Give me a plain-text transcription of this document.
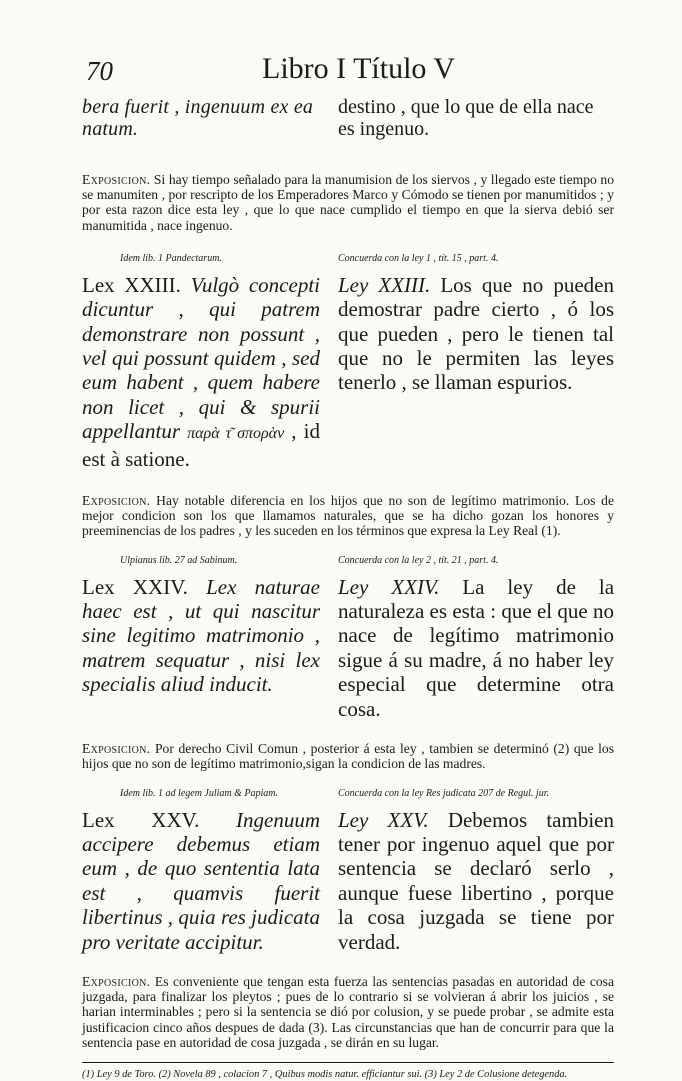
70	Libro I Título V
bera fuerit , ingenuum ex ea natum.
destino , que lo que de ella nace es ingenuo.

Exposicion. Si hay tiempo señalado para la manumision de los siervos , y llegado este tiempo no se manumiten , por rescripto de los Emperadores Marco y Cómodo se tienen por manumitidos ; y por esta razon dice esta ley , que lo que nace cumplido el tiempo en que la sierva debió ser manumitida , nace ingenuo.

Idem lib. 1 Pandectarum.	Concuerda con la ley 1 , tít. 15 , part. 4.
Lex XXIII. Vulgò concepti dicuntur , qui patrem demonstrare non possunt , vel qui possunt quidem , sed eum habent , quem habere non licet , qui & spurii appellantur παρὰ τ͂ σπορὰν , id est à satione.
Ley XXIII. Los que no pueden demostrar padre cierto , ó los que pueden , pero le tienen tal que no le permiten las leyes tenerlo , se llaman espurios.

Exposicion. Hay notable diferencia en los hijos que no son de legítimo matrimonio. Los de mejor condicion son los que llamamos naturales, que se ha dicho gozan los honores y preeminencias de los padres , y les suceden en los términos que expresa la Ley Real (1).

Ulpianus lib. 27 ad Sabinum.	Concuerda con la ley 2 , tít. 21 , part. 4.
Lex XXIV. Lex naturae haec est , ut qui nascitur sine legitimo matrimonio , matrem sequatur , nisi lex specialis aliud inducit.
Ley XXIV. La ley de la naturaleza es esta : que el que no nace de legítimo matrimonio sigue á su madre, á no haber ley especial que determine otra cosa.

Exposicion. Por derecho Civil Comun , posterior á esta ley , tambien se determinó (2) que los hijos que no son de legítimo matrimonio,sigan la condicion de las madres.

Idem lib. 1 ad legem Juliam & Papiam.	Concuerda con la ley Res judicata 207 de Regul. jur.
Lex XXV. Ingenuum accipere debemus etiam eum , de quo sententia lata est , quamvis fuerit libertinus , quia res judicata pro veritate accipitur.
Ley XXV. Debemos tambien tener por ingenuo aquel que por sentencia se declaró serlo , aunque fuese libertino , porque la cosa juzgada se tiene por verdad.

Exposicion. Es conveniente que tengan esta fuerza las sentencias pasadas en autoridad de cosa juzgada, para finalizar los pleytos ; pues de lo contrario si se volvieran á abrir los juicios , se harian interminables ; pero si la sentencia se dió por colusion, y se puede probar , se admite esta justificacion cinco años despues de dada (3). Las circunstancias que han de concurrir para que la sentencia pase en autoridad de cosa juzgada , se dirán en su lugar.

(1) Ley 9 de Toro. (2) Novela 89 , colacion 7 , Quibus modis natur. efficiantur sui. (3) Ley 2 de Colusione detegenda.
